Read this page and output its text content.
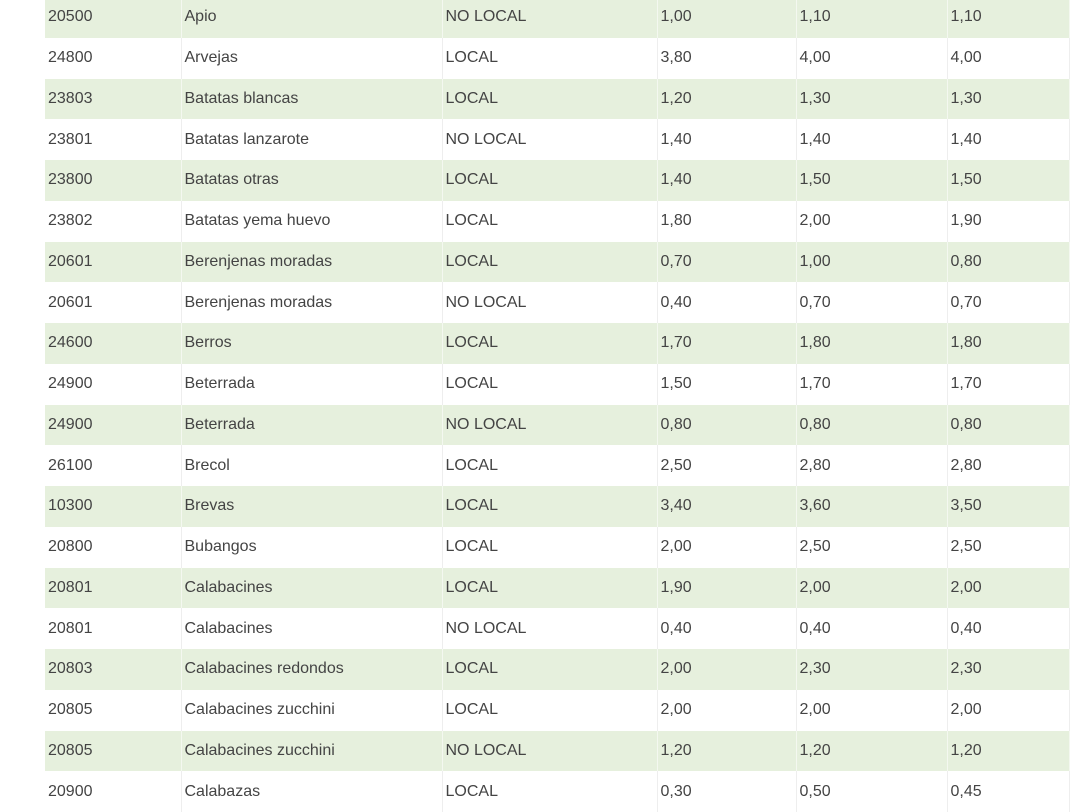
20500	Apio	NO LOCAL	1,00	1,10	1,10
24800	Arvejas	LOCAL	3,80	4,00	4,00
23803	Batatas blancas	LOCAL	1,20	1,30	1,30
23801	Batatas lanzarote	NO LOCAL	1,40	1,40	1,40
23800	Batatas otras	LOCAL	1,40	1,50	1,50
23802	Batatas yema huevo	LOCAL	1,80	2,00	1,90
20601	Berenjenas moradas	LOCAL	0,70	1,00	0,80
20601	Berenjenas moradas	NO LOCAL	0,40	0,70	0,70
24600	Berros	LOCAL	1,70	1,80	1,80
24900	Beterrada	LOCAL	1,50	1,70	1,70
24900	Beterrada	NO LOCAL	0,80	0,80	0,80
26100	Brecol	LOCAL	2,50	2,80	2,80
10300	Brevas	LOCAL	3,40	3,60	3,50
20800	Bubangos	LOCAL	2,00	2,50	2,50
20801	Calabacines	LOCAL	1,90	2,00	2,00
20801	Calabacines	NO LOCAL	0,40	0,40	0,40
20803	Calabacines redondos	LOCAL	2,00	2,30	2,30
20805	Calabacines zucchini	LOCAL	2,00	2,00	2,00
20805	Calabacines zucchini	NO LOCAL	1,20	1,20	1,20
20900	Calabazas	LOCAL	0,30	0,50	0,45
